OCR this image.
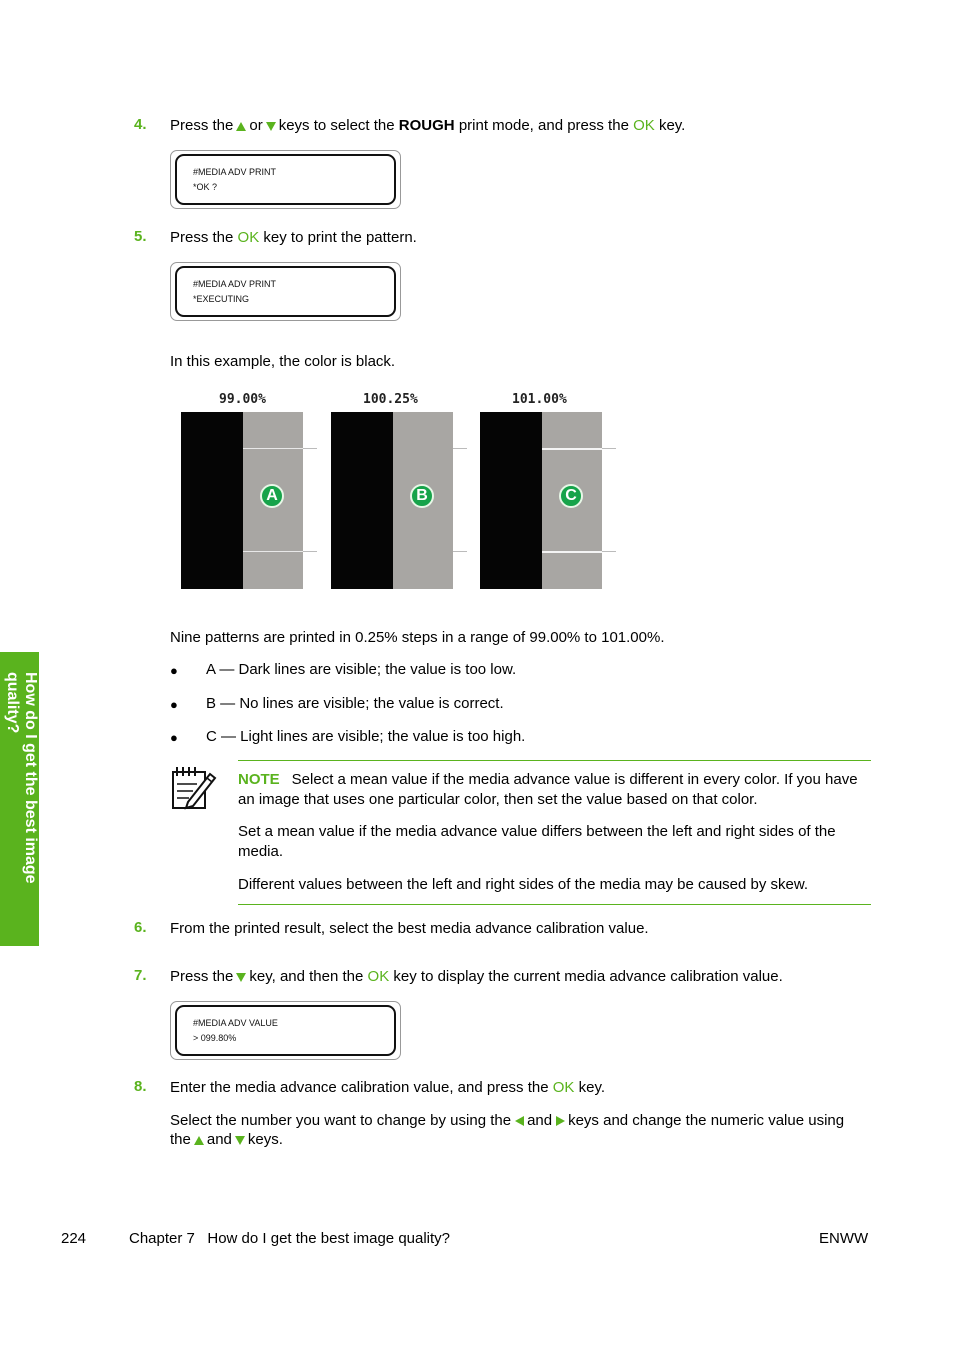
4. Press the or keys to select the ROUGH print mode, and press the OK key.
#MEDIA ADV PRINT
*OK ?
5. Press the OK key to print the pattern.
#MEDIA ADV PRINT
*EXECUTING
In this example, the color is black.
99.00%
A
100.25%
B
101.00%
C
Nine patterns are printed in 0.25% steps in a range of 99.00% to 101.00%.
● A — Dark lines are visible; the value is too low.
● B — No lines are visible; the value is correct.
● C — Light lines are visible; the value is too high.
NOTE Select a mean value if the media advance value is different in every color. If you have an image that uses one particular color, then set the value based on that color.
Set a mean value if the media advance value differs between the left and right sides of the media.
Different values between the left and right sides of the media may be caused by skew.
6. From the printed result, select the best media advance calibration value.
7. Press the key, and then the OK key to display the current media advance calibration value.
#MEDIA ADV VALUE
> 099.80%
8. Enter the media advance calibration value, and press the OK key.
Select the number you want to change by using the and keys and change the numeric value using
the and keys.
How do I get the best image quality?
224	Chapter 7   How do I get the best image quality?	ENWW
